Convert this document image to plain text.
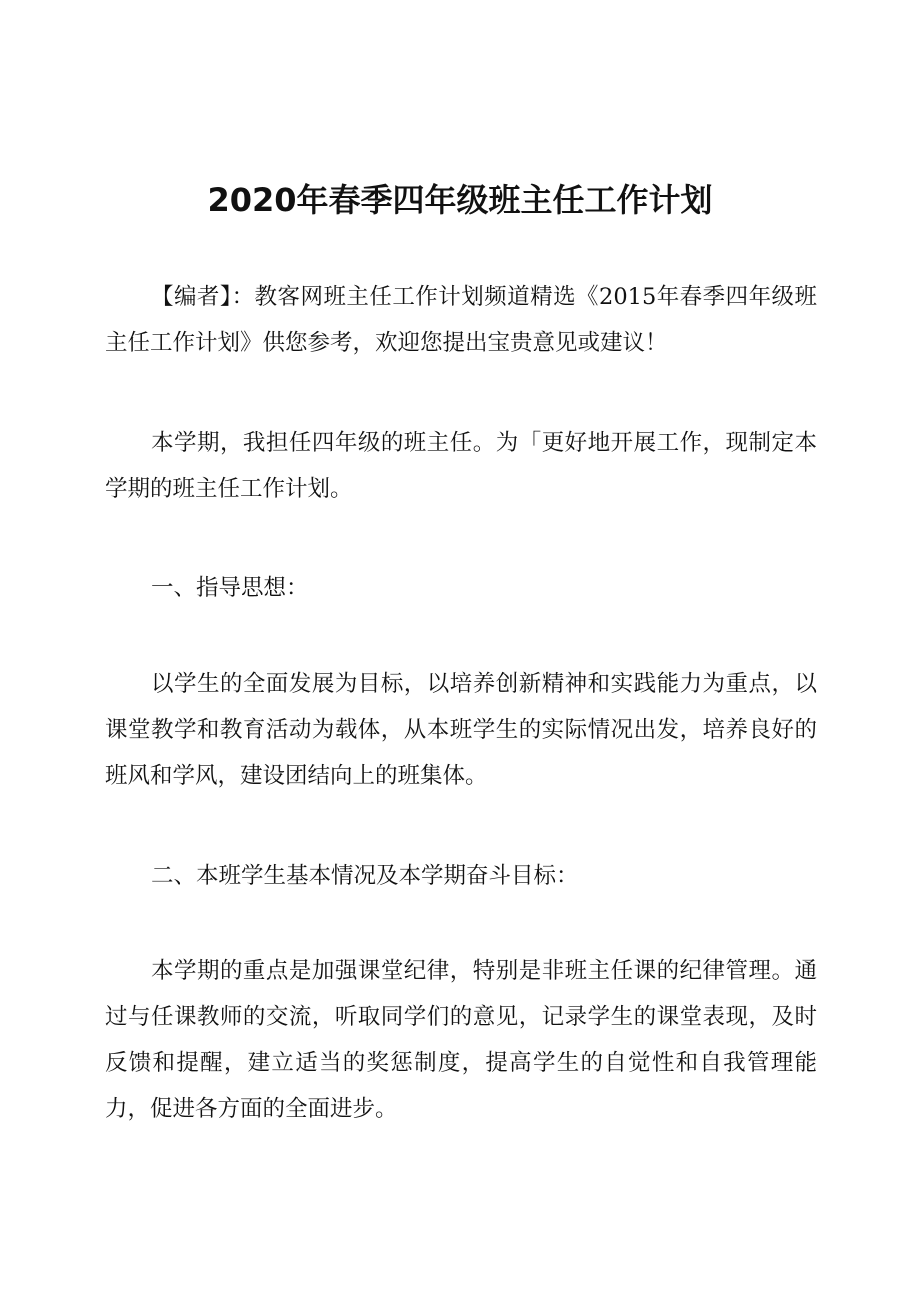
2020年春季四年级班主任工作计划

【编者】：教客网班主任工作计划频道精选《2015年春季四年级班主任工作计划》供您参考，欢迎您提出宝贵意见或建议！

本学期，我担任四年级的班主任。为「更好地开展工作，现制定本学期的班主任工作计划。

一、指导思想：

以学生的全面发展为目标，以培养创新精神和实践能力为重点，以课堂教学和教育活动为载体，从本班学生的实际情况出发，培养良好的班风和学风，建设团结向上的班集体。

二、本班学生基本情况及本学期奋斗目标：

本学期的重点是加强课堂纪律，特别是非班主任课的纪律管理。通过与任课教师的交流，听取同学们的意见，记录学生的课堂表现，及时反馈和提醒，建立适当的奖惩制度，提高学生的自觉性和自我管理能力，促进各方面的全面进步。
